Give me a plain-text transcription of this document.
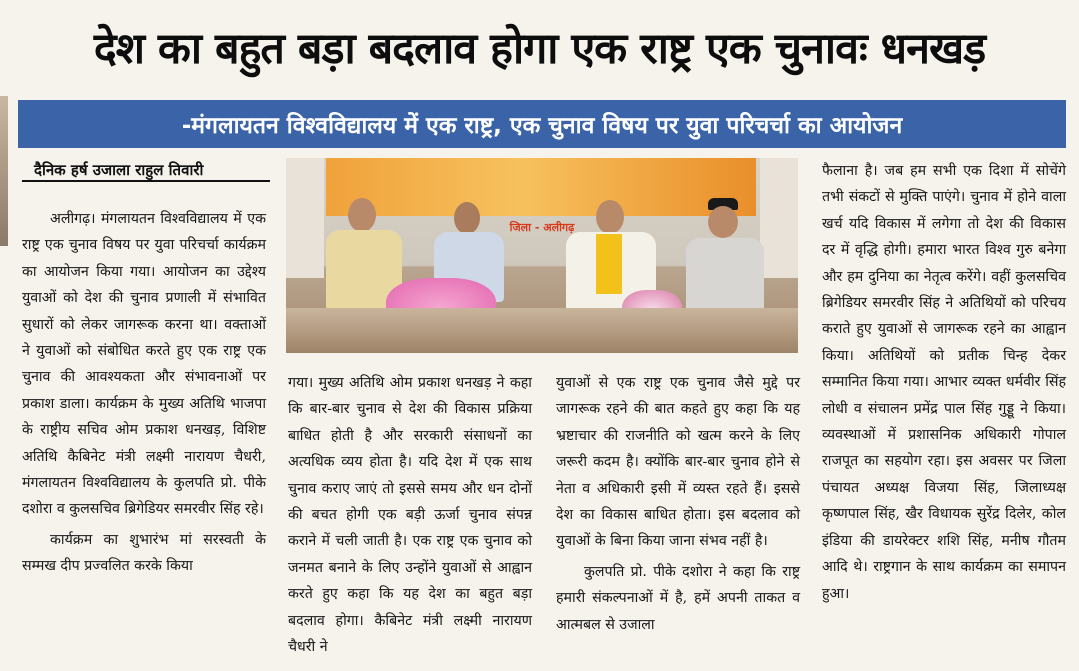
देश का बहुत बड़ा बदलाव होगा एक राष्ट्र एक चुनावः धनखड़
-मंगलायतन विश्वविद्यालय में एक राष्ट्र, एक चुनाव विषय पर युवा परिचर्चा का आयोजन
दैनिक हर्ष उजाला राहुल तिवारी

अलीगढ़। मंगलायतन विश्वविद्यालय में एक राष्ट्र एक चुनाव विषय पर युवा परिचर्चा कार्यक्रम का आयोजन किया गया। आयोजन का उद्देश्य युवाओं को देश की चुनाव प्रणाली में संभावित सुधारों को लेकर जागरूक करना था। वक्ताओं ने युवाओं को संबोधित करते हुए एक राष्ट्र एक चुनाव की आवश्यकता और संभावनाओं पर प्रकाश डाला। कार्यक्रम के मुख्य अतिथि भाजपा के राष्ट्रीय सचिव ओम प्रकाश धनखड़, विशिष्ट अतिथि कैबिनेट मंत्री लक्ष्मी नारायण चैधरी, मंगलायतन विश्वविद्यालय के कुलपति प्रो. पीके दशोरा व कुलसचिव ब्रिगेडियर समरवीर सिंह रहे।

कार्यक्रम का शुभारंभ मां सरस्वती के सम्मख दीप प्रज्वलित करके किया

जिला - अलीगढ़

गया। मुख्य अतिथि ओम प्रकाश धनखड़ ने कहा कि बार-बार चुनाव से देश की विकास प्रक्रिया बाधित होती है और सरकारी संसाधनों का अत्यधिक व्यय होता है। यदि देश में एक साथ चुनाव कराए जाएं तो इससे समय और धन दोनों की बचत होगी एक बड़ी ऊर्जा चुनाव संपन्न कराने में चली जाती है। एक राष्ट्र एक चुनाव को जनमत बनाने के लिए उन्होंने युवाओं से आह्वान करते हुए कहा कि यह देश का बहुत बड़ा बदलाव होगा। कैबिनेट मंत्री लक्ष्मी नारायण चैधरी ने

युवाओं से एक राष्ट्र एक चुनाव जैसे मुद्दे पर जागरूक रहने की बात कहते हुए कहा कि यह भ्रष्टाचार की राजनीति को खत्म करने के लिए जरूरी कदम है। क्योंकि बार-बार चुनाव होने से नेता व अधिकारी इसी में व्यस्त रहते हैं। इससे देश का विकास बाधित होता। इस बदलाव को युवाओं के बिना किया जाना संभव नहीं है।

कुलपति प्रो. पीके दशोरा ने कहा कि राष्ट्र हमारी संकल्पनाओं में है, हमें अपनी ताकत व आत्मबल से उजाला

फैलाना है। जब हम सभी एक दिशा में सोचेंगे तभी संकटों से मुक्ति पाएंगे। चुनाव में होने वाला खर्च यदि विकास में लगेगा तो देश की विकास दर में वृद्धि होगी। हमारा भारत विश्व गुरु बनेगा और हम दुनिया का नेतृत्व करेंगे। वहीं कुलसचिव ब्रिगेडियर समरवीर सिंह ने अतिथियों को परिचय कराते हुए युवाओं से जागरूक रहने का आह्वान किया। अतिथियों को प्रतीक चिन्ह देकर सम्मानित किया गया। आभार व्यक्त धर्मवीर सिंह लोधी व संचालन प्रमेंद्र पाल सिंह गुड्डू ने किया। व्यवस्थाओं में प्रशासनिक अधिकारी गोपाल राजपूत का सहयोग रहा। इस अवसर पर जिला पंचायत अध्यक्ष विजया सिंह, जिलाध्यक्ष कृष्णपाल सिंह, खैर विधायक सुरेंद्र दिलेर, कोल इंडिया की डायरेक्टर शशि सिंह, मनीष गौतम आदि थे। राष्ट्रगान के साथ कार्यक्रम का समापन हुआ।
